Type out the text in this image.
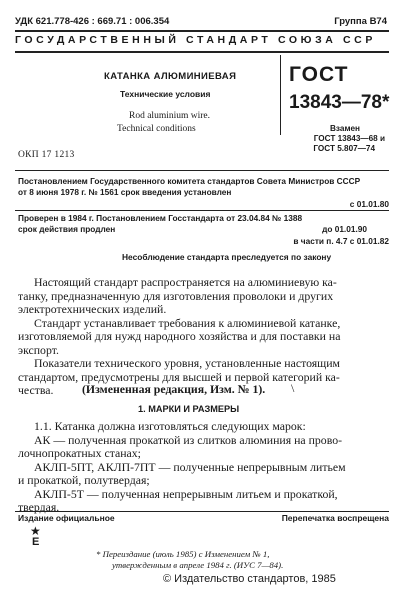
УДК 621.778-426 : 669.71 : 006.354	Группа В74
ГОСУДАРСТВЕННЫЙ СТАНДАРТ СОЮЗА ССР
КАТАНКА АЛЮМИНИЕВАЯ
Технические условия
Rod aluminium wire.
Technical conditions
ГОСТ
13843—78*
Взамен
ГОСТ 13843—68 и
ГОСТ 5.807—74
ОКП 17 1213
Постановлением Государственного комитета стандартов Совета Министров СССР
от 8 июня 1978 г. № 1561 срок введения установлен
с 01.01.80
Проверен в 1984 г. Постановлением Госстандарта от 23.04.84 № 1388
срок действия продлен	до 01.01.90
в части п. 4.7 с 01.01.82
Несоблюдение стандарта преследуется по закону
Настоящий стандарт распространяется на алюминиевую ка-
танку, предназначенную для изготовления проволоки и других
электротехнических изделий.
Стандарт устанавливает требования к алюминиевой катанке,
изготовляемой для нужд народного хозяйства и для поставки на
экспорт.
Показатели технического уровня, установленные настоящим
стандартом, предусмотрены для высшей и первой категорий ка-
чества.	(Измененная редакция, Изм. № 1).	\
1. МАРКИ И РАЗМЕРЫ
1.1. Катанка должна изготовляться следующих марок:
АК — полученная прокаткой из слитков алюминия на прово-
лочнопрокатных станах;
АКЛП-5ПТ, АКЛП-7ПТ — полученные непрерывным литьем
и прокаткой, полутвердая;
АКЛП-5Т — полученная непрерывным литьем и прокаткой,
твердая.
Издание официальное	Перепечатка воспрещена
★
Е
* Переиздание (июль 1985) с Изменением № 1,
утвержденным в апреле 1984 г. (ИУС 7—84).
© Издательство стандартов, 1985
